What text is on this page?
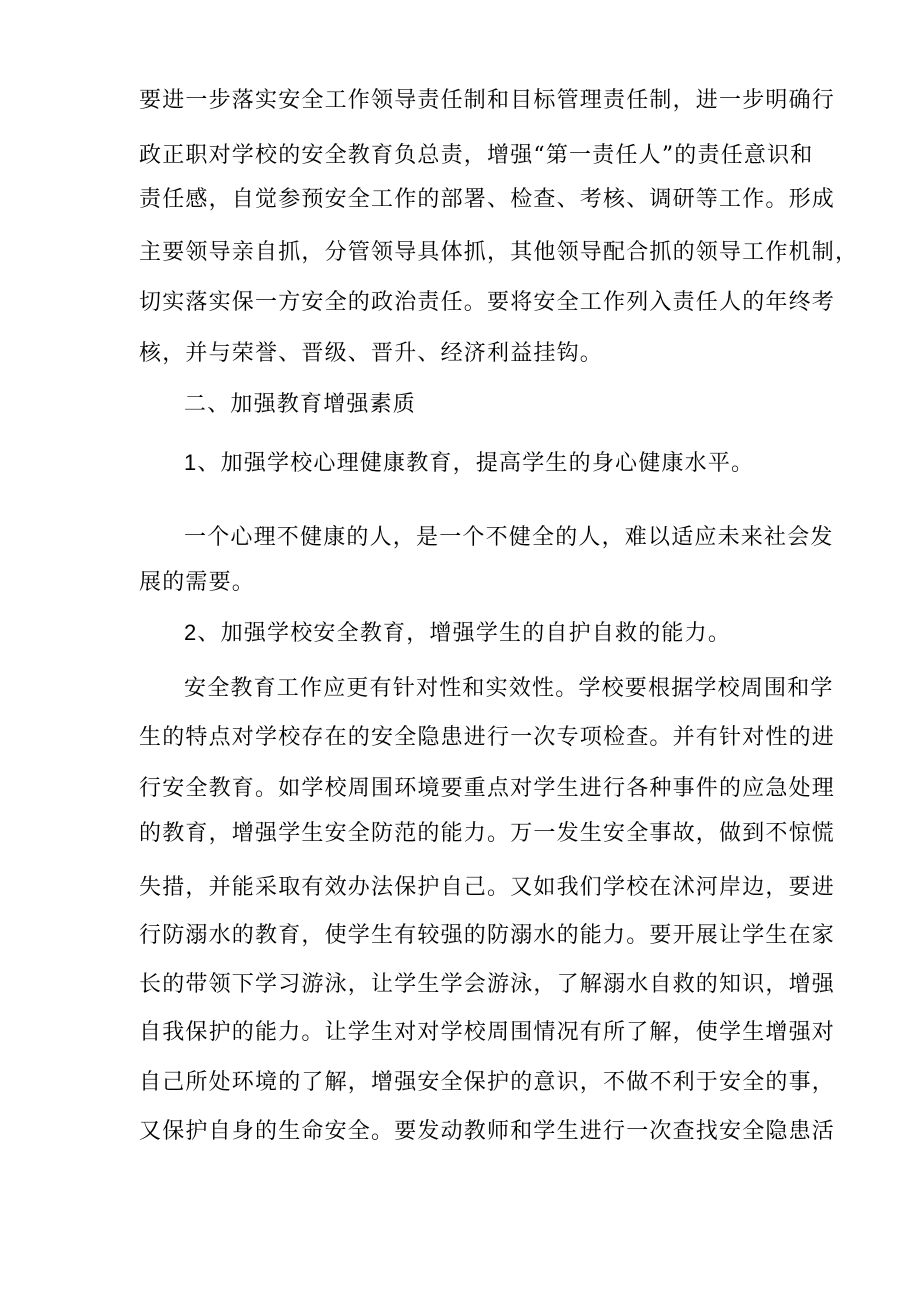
要进一步落实安全工作领导责任制和目标管理责任制，进一步明确行
政正职对学校的安全教育负总责，增强“第一责任人”的责任意识和
责任感，自觉参预安全工作的部署、检查、考核、调研等工作。形成
主要领导亲自抓，分管领导具体抓，其他领导配合抓的领导工作机制，
切实落实保一方安全的政治责任。要将安全工作列入责任人的年终考
核，并与荣誉、晋级、晋升、经济利益挂钩。
二、加强教育增强素质
1、加强学校心理健康教育，提高学生的身心健康水平。
一个心理不健康的人，是一个不健全的人，难以适应未来社会发
展的需要。
2、加强学校安全教育，增强学生的自护自救的能力。
安全教育工作应更有针对性和实效性。学校要根据学校周围和学
生的特点对学校存在的安全隐患进行一次专项检查。并有针对性的进
行安全教育。如学校周围环境要重点对学生进行各种事件的应急处理
的教育，增强学生安全防范的能力。万一发生安全事故，做到不惊慌
失措，并能采取有效办法保护自己。又如我们学校在沭河岸边，要进
行防溺水的教育，使学生有较强的防溺水的能力。要开展让学生在家
长的带领下学习游泳，让学生学会游泳，了解溺水自救的知识，增强
自我保护的能力。让学生对对学校周围情况有所了解，使学生增强对
自己所处环境的了解，增强安全保护的意识，不做不利于安全的事，
又保护自身的生命安全。要发动教师和学生进行一次查找安全隐患活
